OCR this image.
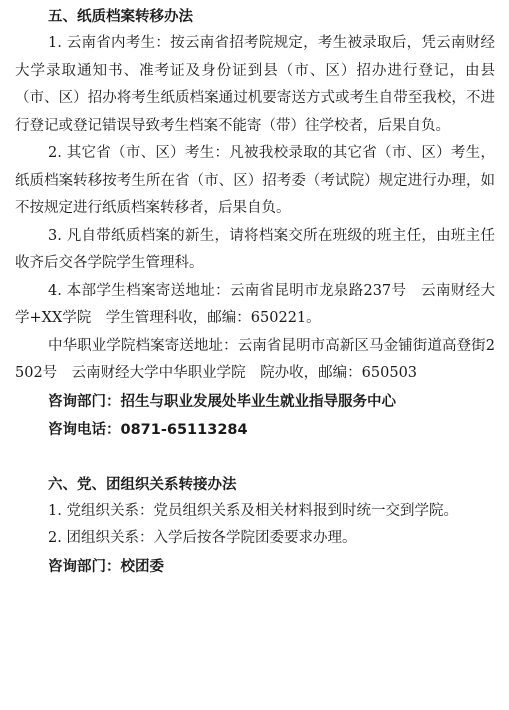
五、纸质档案转移办法

1. 云南省内考生：按云南省招考院规定，考生被录取后，凭云南财经大学录取通知书、准考证及身份证到县（市、区）招办进行登记，由县（市、区）招办将考生纸质档案通过机要寄送方式或考生自带至我校，不进行登记或登记错误导致考生档案不能寄（带）往学校者，后果自负。

2. 其它省（市、区）考生：凡被我校录取的其它省（市、区）考生，纸质档案转移按考生所在省（市、区）招考委（考试院）规定进行办理，如不按规定进行纸质档案转移者，后果自负。

3. 凡自带纸质档案的新生，请将档案交所在班级的班主任，由班主任收齐后交各学院学生管理科。

4. 本部学生档案寄送地址：云南省昆明市龙泉路237号　云南财经大学+XX学院　学生管理科收，邮编：650221。

中华职业学院档案寄送地址：云南省昆明市高新区马金铺街道高登街2502号　云南财经大学中华职业学院　院办收，邮编：650503

咨询部门：招生与职业发展处毕业生就业指导服务中心
咨询电话：0871-65113284
六、党、团组织关系转接办法

1. 党组织关系：党员组织关系及相关材料报到时统一交到学院。

2. 团组织关系：入学后按各学院团委要求办理。

咨询部门：校团委
